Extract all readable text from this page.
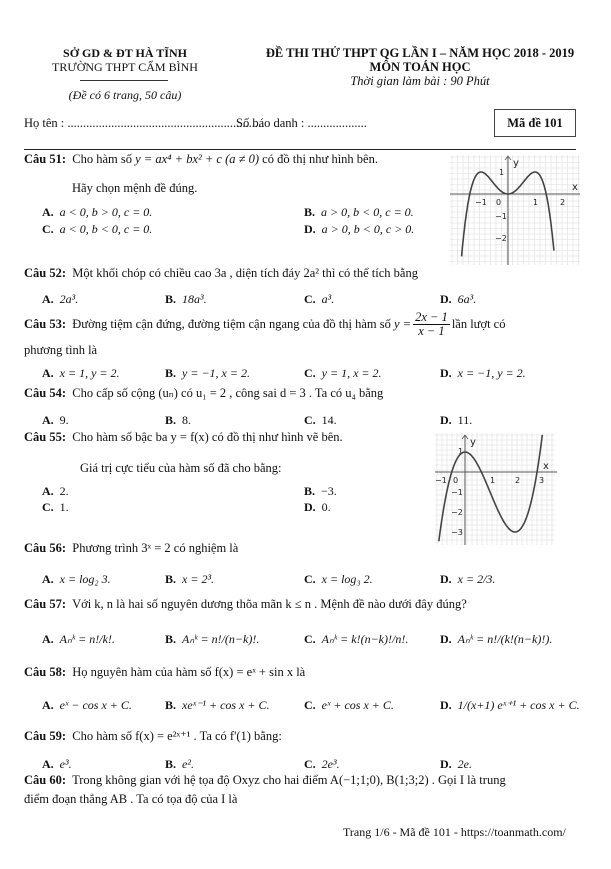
SỞ GD & ĐT HÀ TĨNH
TRƯỜNG THPT CẨM BÌNH
(Đề có 6 trang, 50 câu)
ĐỀ THI THỬ THPT QG LẦN I – NĂM HỌC 2018 - 2019
MÔN TOÁN HỌC
Thời gian làm bài : 90 Phút
Họ tên : ...............................................................
Số báo danh : ...................	Mã đề 101
Câu 51: Cho hàm số y = ax⁴ + bx² + c (a ≠ 0) có đồ thị như hình bên.
Hãy chọn mệnh đề đúng.
A. a < 0, b > 0, c = 0.	B. a > 0, b < 0, c = 0.
C. a < 0, b < 0, c = 0.	D. a > 0, b < 0, c > 0.
y
x
−1 0	1	2
1
−1
−2
Câu 52: Một khối chóp có chiều cao 3a , diện tích đáy 2a² thì có thể tích bằng
A. 2a³.	B. 18a³.	C. a³.	D. 6a³.
Câu 53:
Đường tiệm cận đứng, đường tiệm cận ngang của đồ thị hàm số
$y = \frac{2x - 1}{x - 1}$ lần lượt có
phương tình là
A. x = 1, y = 2.	B. y = −1, x = 2.	C. y = 1, x = 2.	D. x = −1, y = 2.
Câu 54: Cho cấp số cộng (uₙ) có u₁ = 2 , công sai d = 3 . Ta có u₄ bằng
A. 9.	B. 8.	C. 14.	D. 11.
Câu 55: Cho hàm số bậc ba y = f(x) có đồ thị như hình vẽ bên.
Giá trị cực tiểu của hàm số đã cho bằng:
A. 2.	B. −3.
C. 1.	D. 0.
y
x
−1 0	1 2 3
1
−1
−2
−3
Câu 56: Phương trình 3ˣ = 2 có nghiệm là
A. x = log₂ 3.	B. x = 2³.	C. x = log₃ 2.	D. x = 2/3.
Câu 57: Với k, n là hai số nguyên dương thõa mãn k ≤ n . Mệnh đề nào dưới đây đúng?
A. Aₙᵏ = n!/k!.	B. Aₙᵏ = n!/(n−k)!.	C. Aₙᵏ = k!(n−k)!/n!.	D. Aₙᵏ = n!/(k!(n−k)!).
Câu 58: Họ nguyên hàm của hàm số f(x) = eˣ + sin x là
A. eˣ − cos x + C.	B. xeˣ⁻¹ + cos x + C.	C. eˣ + cos x + C.	D. 1/(x+1) eˣ⁺¹ + cos x + C.
Câu 59: Cho hàm số f(x) = e²ˣ⁺¹ . Ta có f'(1) bằng:
A. e³.	B. e².	C. 2e³.	D. 2e.
Câu 60: Trong không gian với hệ tọa độ Oxyz cho hai điểm A(−1;1;0), B(1;3;2) . Gọi I là trung
điểm đoạn thẳng AB . Ta có tọa độ của I là
Trang 1/6 - Mã đề 101 - https://toanmath.com/
